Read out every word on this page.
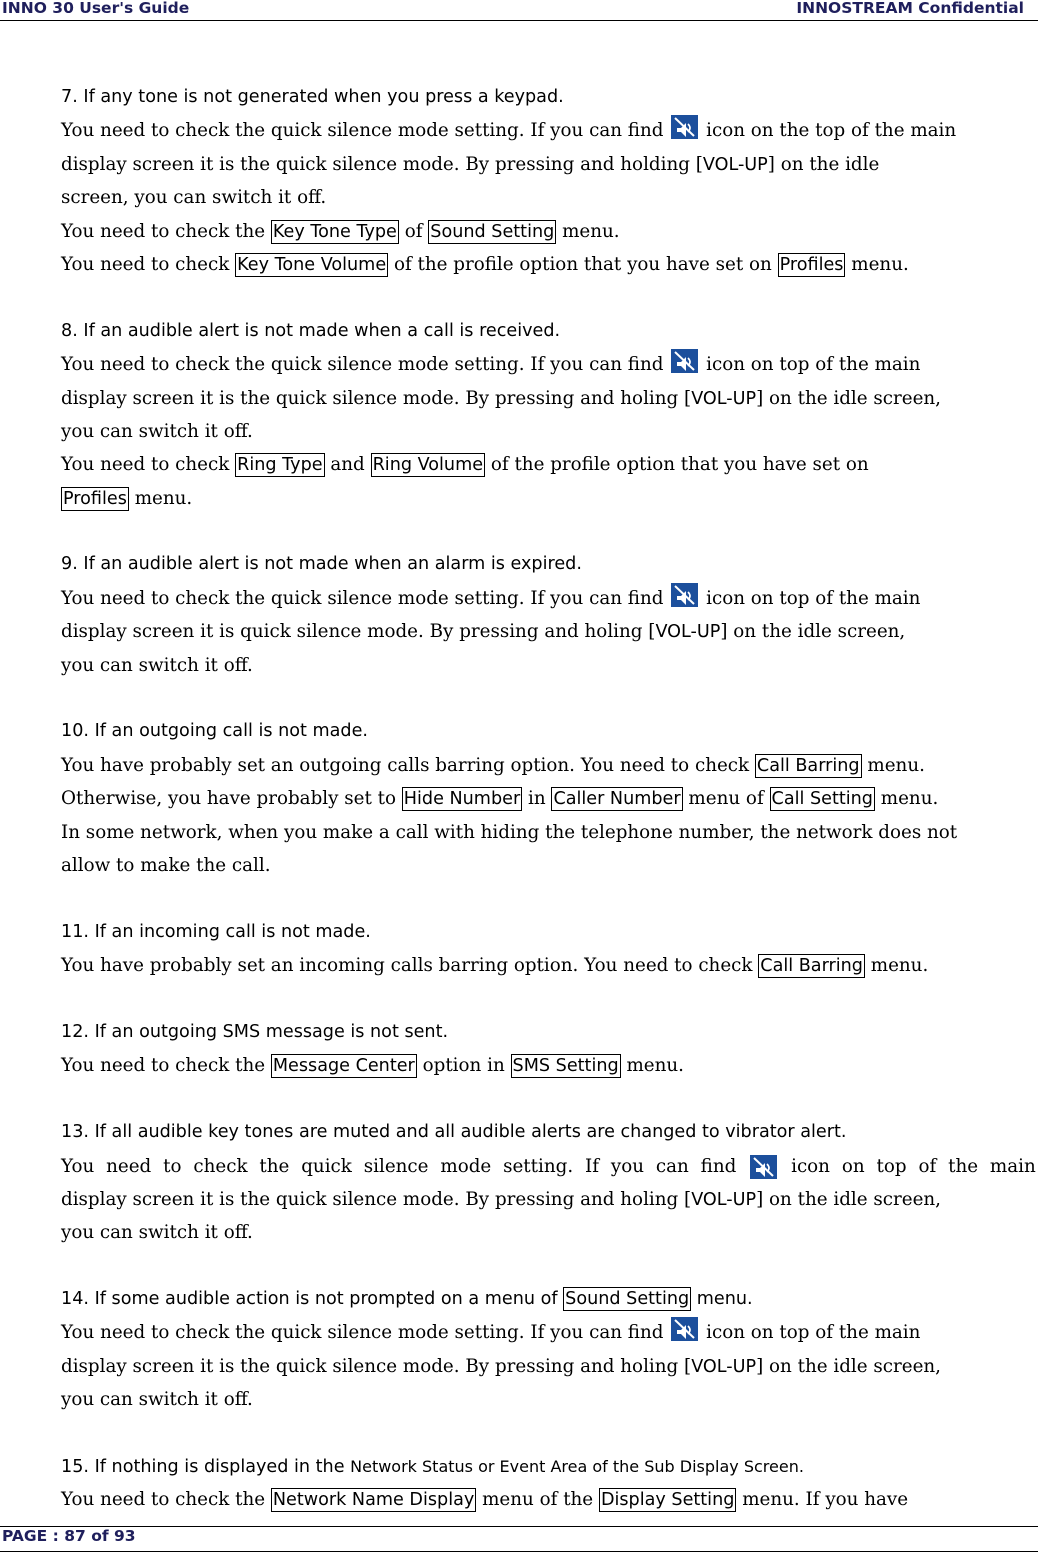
INNO 30 User's Guide	INNOSTREAM Confidential
7. If any tone is not generated when you press a keypad.
You need to check the quick silence mode setting. If you can find icon on the top of the main
display screen it is the quick silence mode. By pressing and holding [VOL-UP] on the idle
screen, you can switch it off.
You need to check the Key Tone Type of Sound Setting menu.
You need to check Key Tone Volume of the profile option that you have set on Profiles menu.
8. If an audible alert is not made when a call is received.
You need to check the quick silence mode setting. If you can find icon on top of the main
display screen it is the quick silence mode. By pressing and holing [VOL-UP] on the idle screen,
you can switch it off.
You need to check Ring Type and Ring Volume of the profile option that you have set on
Profiles menu.
9. If an audible alert is not made when an alarm is expired.
You need to check the quick silence mode setting. If you can find icon on top of the main
display screen it is quick silence mode. By pressing and holing [VOL-UP] on the idle screen,
you can switch it off.
10. If an outgoing call is not made.
You have probably set an outgoing calls barring option. You need to check Call Barring menu.
Otherwise, you have probably set to Hide Number in Caller Number menu of Call Setting menu.
In some network, when you make a call with hiding the telephone number, the network does not
allow to make the call.
11. If an incoming call is not made.
You have probably set an incoming calls barring option. You need to check Call Barring menu.
12. If an outgoing SMS message is not sent.
You need to check the Message Center option in SMS Setting menu.
13. If all audible key tones are muted and all audible alerts are changed to vibrator alert.
You need to check the quick silence mode setting. If you can find	icon on top of the main
display screen it is the quick silence mode. By pressing and holing [VOL-UP] on the idle screen,
you can switch it off.
14. If some audible action is not prompted on a menu of Sound Setting menu.
You need to check the quick silence mode setting. If you can find icon on top of the main
display screen it is the quick silence mode. By pressing and holing [VOL-UP] on the idle screen,
you can switch it off.
15. If nothing is displayed in the Network Status or Event Area of the Sub Display Screen.
You need to check the Network Name Display menu of the Display Setting menu. If you have
PAGE : 87 of 93
